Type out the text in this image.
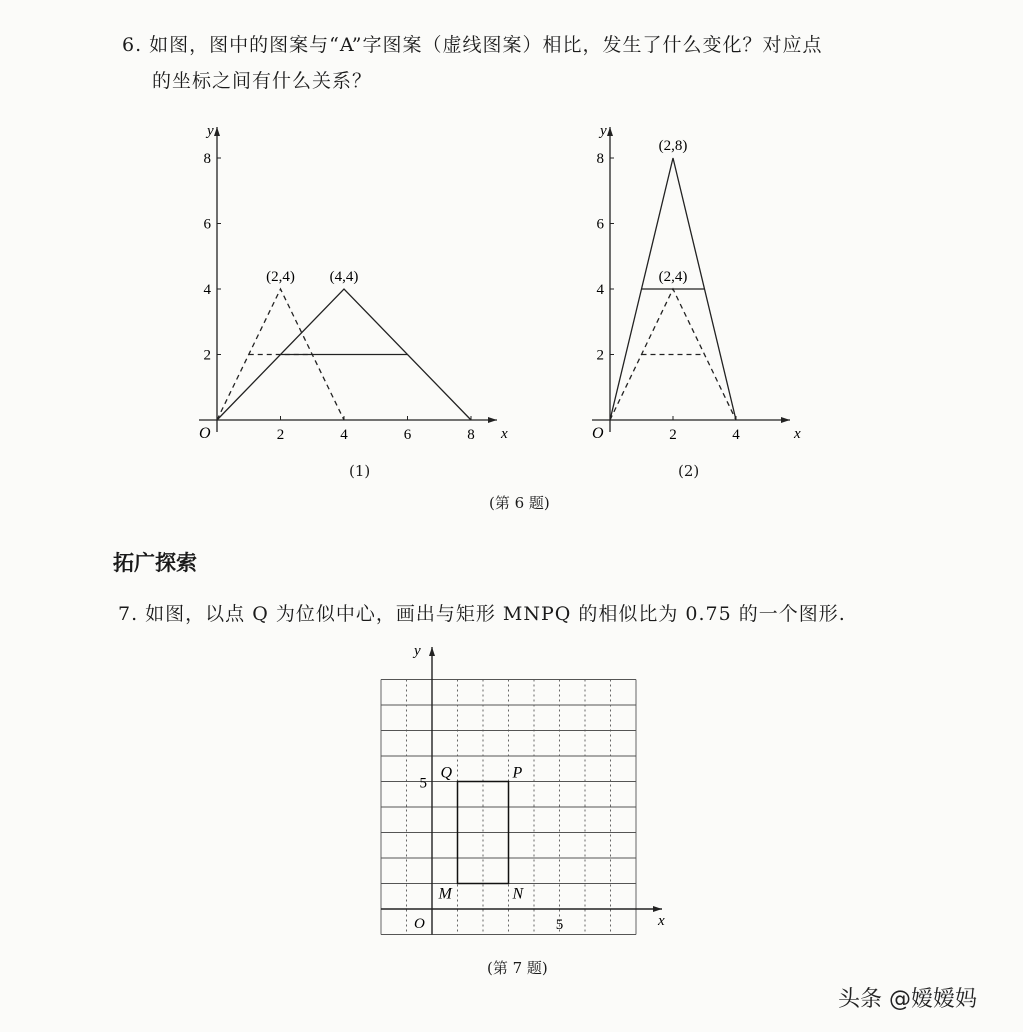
6. 如图，图中的图案与“A”字图案（虚线图案）相比，发生了什么变化？对应点
的坐标之间有什么关系？
x
y
O	2	4	6	8
2
4
6
8
(2,4) (4,4)
(1)
x
y
O	2	4
2
4
6
8
(2,8)
(2,4)
(2)
(第 6 题)
拓广探索
7. 如图，以点 Q 为位似中心，画出与矩形 MNPQ 的相似比为 0.75 的一个图形.
x
y
O	5
5
M	N
P
Q
(第 7 题)
头条 @嫒嫒妈
